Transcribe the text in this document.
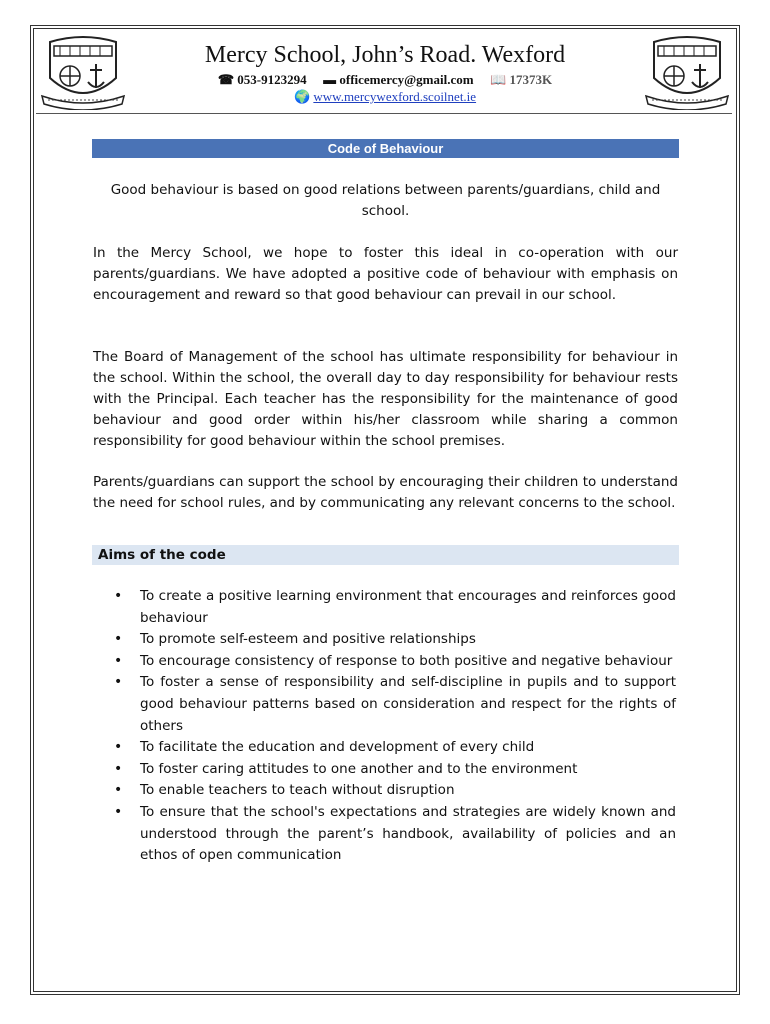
Mercy School, John’s Road. Wexford
☎ 053-9123294 ▬ officemercy@gmail.com 📖 17373K
🌍 www.mercywexford.scoilnet.ie
Code of Behaviour
Good behaviour is based on good relations between parents/guardians, child and school.
In the Mercy School, we hope to foster this ideal in co-operation with our parents/guardians. We have adopted a positive code of behaviour with emphasis on encouragement and reward so that good behaviour can prevail in our school.
The Board of Management of the school has ultimate responsibility for behaviour in the school. Within the school, the overall day to day responsibility for behaviour rests with the Principal. Each teacher has the responsibility for the maintenance of good behaviour and good order within his/her classroom while sharing a common responsibility for good behaviour within the school premises.
Parents/guardians can support the school by encouraging their children to understand the need for school rules, and by communicating any relevant concerns to the school.
Aims of the code
• To create a positive learning environment that encourages and reinforces good behaviour
• To promote self-esteem and positive relationships
• To encourage consistency of response to both positive and negative behaviour
• To foster a sense of responsibility and self-discipline in pupils and to support good behaviour patterns based on consideration and respect for the rights of others
• To facilitate the education and development of every child
• To foster caring attitudes to one another and to the environment
• To enable teachers to teach without disruption
• To ensure that the school's expectations and strategies are widely known and understood through the parent’s handbook, availability of policies and an ethos of open communication
